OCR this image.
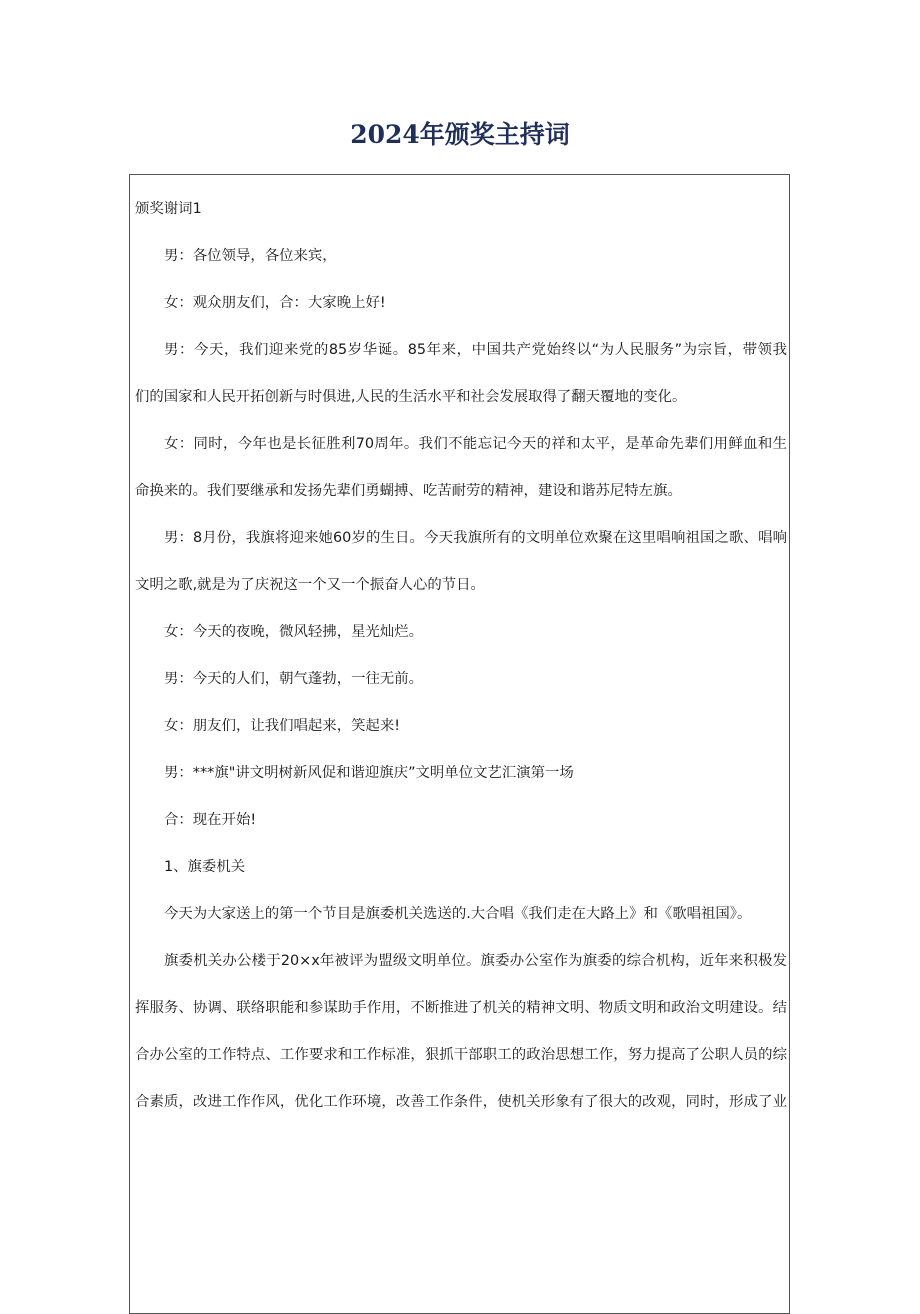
2024年颁奖主持词
颁奖谢词1
男：各位领导，各位来宾，
女：观众朋友们，合：大家晚上好!
男：今天，我们迎来党的85岁华诞。85年来，中国共产党始终以“为人民服务”为宗旨，带领我
们的国家和人民开拓创新与时俱进,人民的生活水平和社会发展取得了翻天覆地的变化。
女：同时，今年也是长征胜利70周年。我们不能忘记今天的祥和太平，是革命先辈们用鲜血和生
命换来的。我们要继承和发扬先辈们勇蝴搏、吃苦耐劳的精神，建设和谐苏尼特左旗。
男：8月份，我旗将迎来她60岁的生日。今天我旗所有的文明单位欢聚在这里唱响祖国之歌、唱响
文明之歌,就是为了庆祝这一个又一个振奋人心的节日。
女：今天的夜晚，微风轻拂，星光灿烂。
男：今天的人们，朝气蓬勃，一往无前。
女：朋友们，让我们唱起来，笑起来!
男：***旗"讲文明树新风促和谐迎旗庆”文明单位文艺汇演第一场
合：现在开始!
1、旗委机关
今天为大家送上的第一个节目是旗委机关选送的.大合唱《我们走在大路上》和《歌唱祖国》。
旗委机关办公楼于20×x年被评为盟级文明单位。旗委办公室作为旗委的综合机构，近年来积极发
挥服务、协调、联络职能和参谋助手作用，不断推进了机关的精神文明、物质文明和政治文明建设。结
合办公室的工作特点、工作要求和工作标准，狠抓干部职工的政治思想工作，努力提高了公职人员的综
合素质，改进工作作风，优化工作环境，改善工作条件，使机关形象有了很大的改观，同时，形成了业
